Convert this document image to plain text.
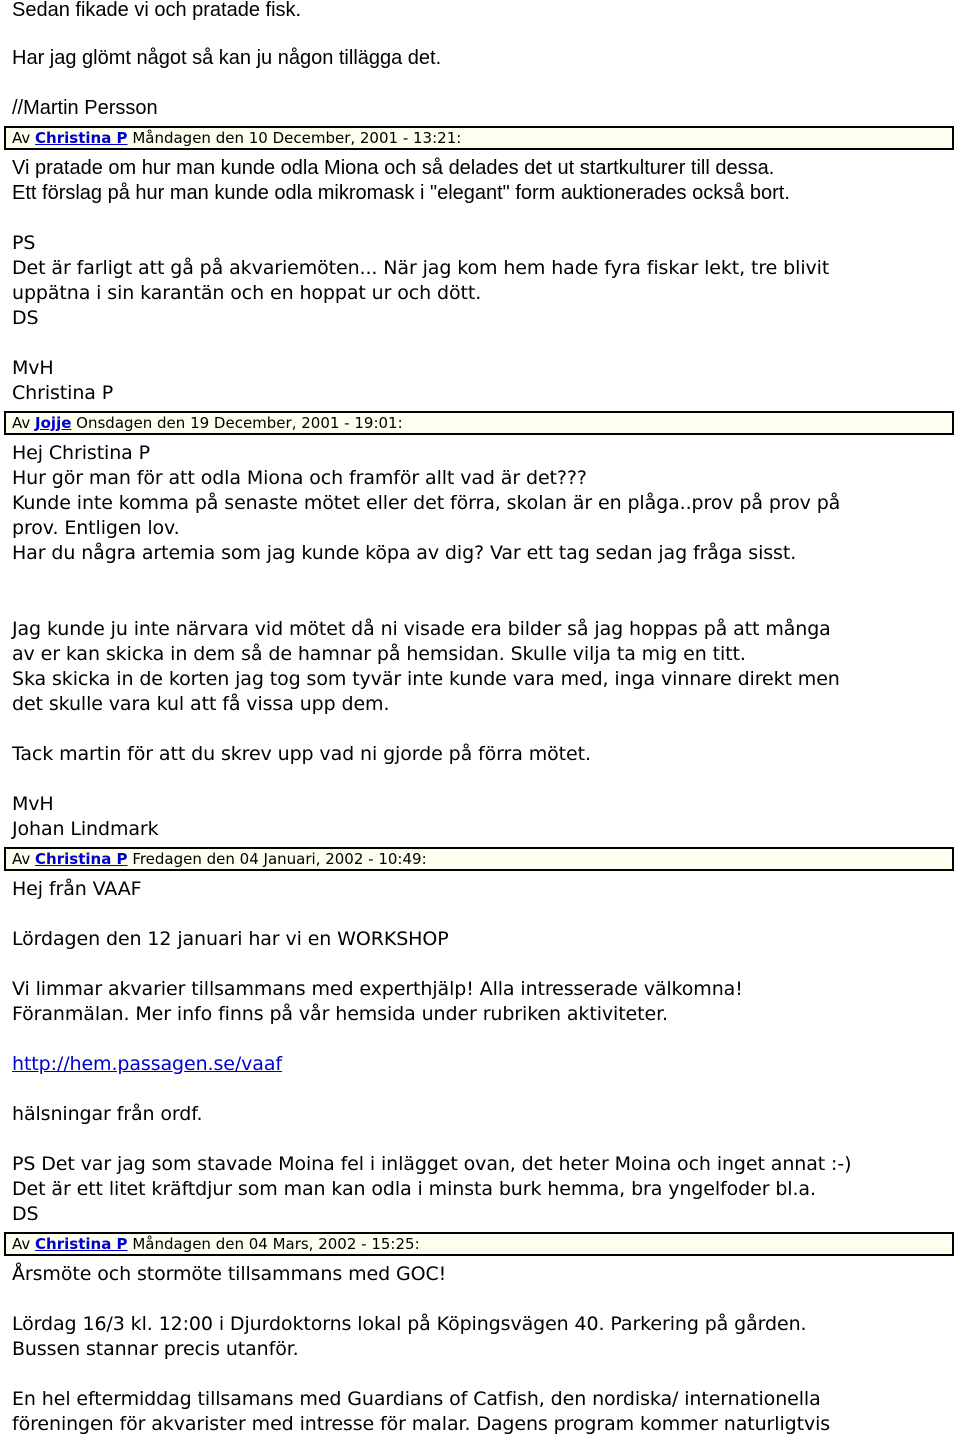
Sedan fikade vi och pratade fisk.
Har jag glömt något så kan ju någon tillägga det.
//Martin Persson
Av Christina P Måndagen den 10 December, 2001 - 13:21:
Vi pratade om hur man kunde odla Miona och så delades det ut startkulturer till dessa.
Ett förslag på hur man kunde odla mikromask i "elegant" form auktionerades också bort.
PS
Det är farligt att gå på akvariemöten... När jag kom hem hade fyra fiskar lekt, tre blivit
uppätna i sin karantän och en hoppat ur och dött.
DS
MvH
Christina P
Av Jojje Onsdagen den 19 December, 2001 - 19:01:
Hej Christina P
Hur gör man för att odla Miona och framför allt vad är det???
Kunde inte komma på senaste mötet eller det förra, skolan är en plåga..prov på prov på
prov. Entligen lov.
Har du några artemia som jag kunde köpa av dig? Var ett tag sedan jag fråga sisst.
Jag kunde ju inte närvara vid mötet då ni visade era bilder så jag hoppas på att många
av er kan skicka in dem så de hamnar på hemsidan. Skulle vilja ta mig en titt.
Ska skicka in de korten jag tog som tyvär inte kunde vara med, inga vinnare direkt men
det skulle vara kul att få vissa upp dem.
Tack martin för att du skrev upp vad ni gjorde på förra mötet.
MvH
Johan Lindmark
Av Christina P Fredagen den 04 Januari, 2002 - 10:49:
Hej från VAAF
Lördagen den 12 januari har vi en WORKSHOP
Vi limmar akvarier tillsammans med experthjälp! Alla intresserade välkomna!
Föranmälan. Mer info finns på vår hemsida under rubriken aktiviteter.
http://hem.passagen.se/vaaf
hälsningar från ordf.
PS Det var jag som stavade Moina fel i inlägget ovan, det heter Moina och inget annat :-)
Det är ett litet kräftdjur som man kan odla i minsta burk hemma, bra yngelfoder bl.a.
DS
Av Christina P Måndagen den 04 Mars, 2002 - 15:25:
Årsmöte och stormöte tillsammans med GOC!
Lördag 16/3 kl. 12:00 i Djurdoktorns lokal på Köpingsvägen 40. Parkering på gården.
Bussen stannar precis utanför.
En hel eftermiddag tillsamans med Guardians of Catfish, den nordiska/ internationella
föreningen för akvarister med intresse för malar. Dagens program kommer naturligtvis
